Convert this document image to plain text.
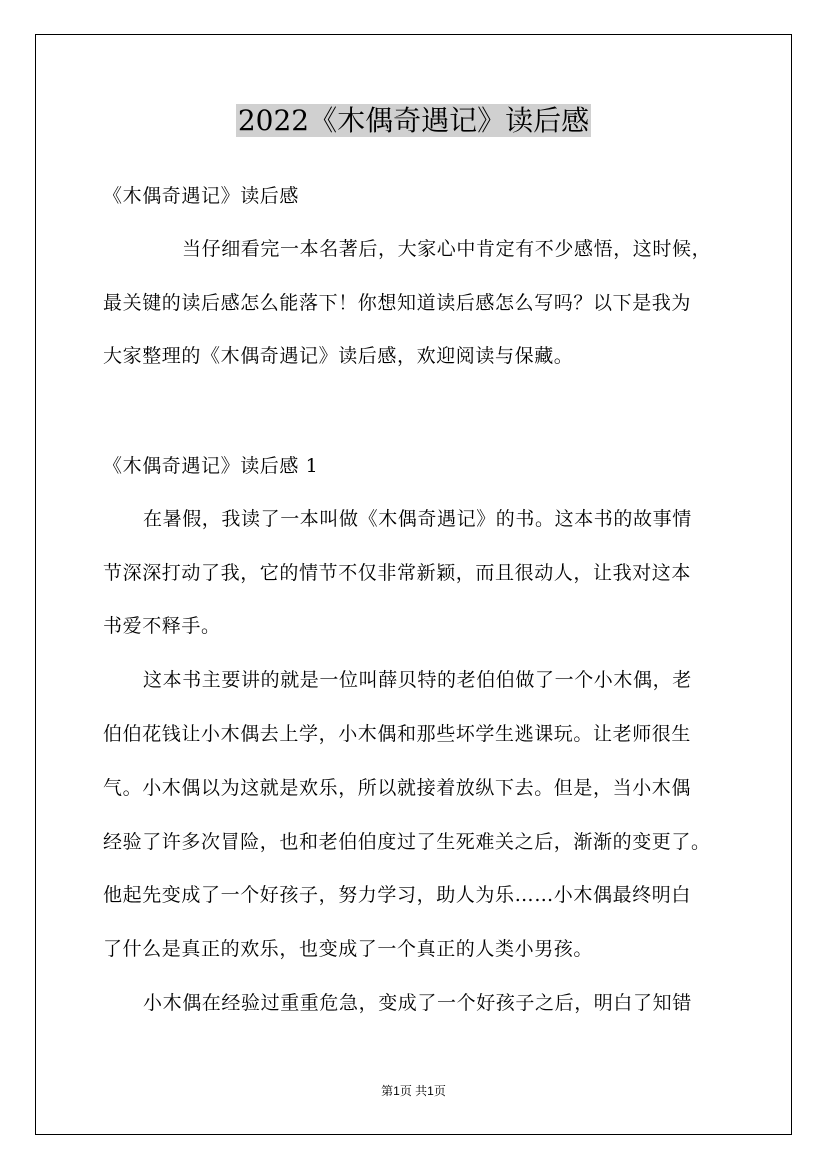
2022《木偶奇遇记》读后感
《木偶奇遇记》读后感
当仔细看完一本名著后，大家心中肯定有不少感悟，这时候，
最关键的读后感怎么能落下！你想知道读后感怎么写吗？以下是我为
大家整理的《木偶奇遇记》读后感，欢迎阅读与保藏。
《木偶奇遇记》读后感 1
在暑假，我读了一本叫做《木偶奇遇记》的书。这本书的故事情
节深深打动了我，它的情节不仅非常新颖，而且很动人，让我对这本
书爱不释手。
这本书主要讲的就是一位叫薛贝特的老伯伯做了一个小木偶，老
伯伯花钱让小木偶去上学，小木偶和那些坏学生逃课玩。让老师很生
气。小木偶以为这就是欢乐，所以就接着放纵下去。但是，当小木偶
经验了许多次冒险，也和老伯伯度过了生死难关之后，渐渐的变更了。
他起先变成了一个好孩子，努力学习，助人为乐……小木偶最终明白
了什么是真正的欢乐，也变成了一个真正的人类小男孩。
小木偶在经验过重重危急，变成了一个好孩子之后，明白了知错
第1页 共1页
